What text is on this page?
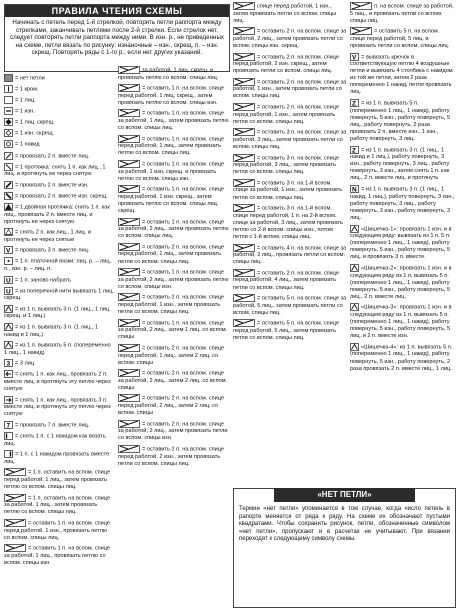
ПРАВИЛА ЧТЕНИЯ СХЕМЫ
Начинать с петель перед 1-й стрелкой, повторять петли раппорта между стрелками, заканчивать петлями после 2-й стрелки. Если стрелок нет, следует повторять петли раппорта между ними. В изн. р., не приведенных на схеме, петли вязать по рисунку: изнаночные – изн., скрещ. п. – изн. скрещ. Повторять ряды с 1-го р., если нет других указаний.
= нет петли
= 1 кром.
= 1 лиц.
= 1 изн.
= 1 лиц. скрещ.
= 1 изн. скрещ.
= 1 накид
= провязать 2 п. вместе лиц.
= 1 протяжка: снять 1 п. как лиц., 1 лиц. и протянуть ее через снятую
= провязать 2 п. вместе изн.
= провязать 2 п. вместе изн. скрещ.
= 1 двойная протяжка: снять 1 п. как лиц., провязать 2 п. вместе лиц. и протянуть ее через снятую
= снять 2 п. как лиц., 1 лиц. и протянуть ее через снятые
V = провязать 3 п. вместе лиц.
= 1 п. платочной вязки: лиц. р. – лиц. п., изн. р. – лиц. п.
U = 1 п. заново набрать
U = из поперечной нити вывязать 1 лиц. скрещ.
= из 1 п. вывязать 3 п. (1 лиц., 1 лиц. скрещ. и 1 лиц.)
= из 1 п. вывязать 3 п. (1 лиц., 1 накид и 1 лиц.)
= из 1 п. вывязать 5 п. (попеременно 1 лиц., 1 накид)
3 = 3 лиц.
= снять 1 п. как лиц., провязать 2 п. вместе лиц. и протянуть эту петлю через снятую
= снять 1 п. как лиц., провязать 3 п. вместе лиц. и протянуть эту петлю через снятую
7 = провязать 7 п. вместе лиц.
= снять 1 п. с 1 накидом как вязать лиц.
= 1 п. с 1 накидом провязать вместе лиц.
= 1 п. оставить на вспом. спице перед работой, 1 лиц., затем провязать петлю со вспом. спицы лиц.
= 1 п. оставить на вспом. спице за работой, 1 лиц., затем провязать петлю со вспом. спицы лиц.
= оставить 1 п. на вспом. спице перед работой, 1 изн., провязать петлю со вспом. спицы лиц.
= оставить 1 п. на вспом. спице за работой, 1 лиц., провязать петлю со вспом. спицы изн.
за работой, 1 лиц. скрещ. и провязать петлю со вспом. спицы лиц.
= оставить 1 п. на вспом. спице перед работой, 1 лиц. скрещ., затем провязать петлю со вспом. спицы изн.
= оставить 1 п. на вспом. спице за работой, 1 лиц., затем провязать петлю со вспом. спицы лиц.
= оставить 1 п. на вспом. спице перед работой, 1 лиц., затем провязать петлю со вспом. спицы лиц.
= оставить 1 п. на вспом. спице за работой, 1 изн. скрещ. и провязать петлю со вспом. спицы изн.
= оставить 1 п. на вспом. спице перед работой, 1 изн. скрещ., затем провязать петлю со вспом. спицы лиц. скрещ.
= оставить 1 п. на вспом. спице за работой, 2 лиц., затем провязать петлю со вспом. спицы лиц.
= оставить 2 п. на вспом. спице перед работой, 1 лиц., затем провязать петли со вспом. спицы лиц.
= оставить 1 п. на вспом. спице за работой, 2 лиц., затем провязать петлю со вспом. спицы изн.
= оставить 2 п. на вспом. спице перед работой, 1 изн., затем провязать петли со вспом. спицы лиц.
= оставить 1 п. на вспом. спице за работой, 2 лиц., затем 1 лиц. со вспом. спицы
= оставить 2 п. на вспом. спице перед работой, 1 лиц., затем 2 лиц. со вспом. спицы
= оставить 2 п. на вспом. спице за работой, 2 лиц., затем 2 лиц. со вспом. спицы
= оставить 2 п. на вспом. спице перед работой, 2 лиц., затем 2 лиц. со вспом. спицы
= оставить 2 п. на вспом. спице за работой, 2 лиц., затем провязать петли со вспом. спицы изн.
= оставить 2 п. на вспом. спице перед работой, 2 изн., затем провязать петли со вспом. спицы лиц.
спице перед работой, 1 изн., затем провязать петли со вспом. спицы лиц.
= оставить 2 п. на вспом. спице за работой, 2 лиц., затем провязать петли со вспом. спицы изн. скрещ.
= оставить 2 п. на вспом. спице перед работой, 2 изн. скрещ., затем провязать петли со вспом. спицы лиц.
= оставить 2 п. на вспом. спице за работой, 1 изн., затем провязать петли со вспом. спицы лиц.
= оставить 2 п. на вспом. спице перед работой, 1 изн., затем провязать петли со вспом. спицы лиц.
= оставить 3 п. на вспом. спице за работой, 3 лиц., затем провязать петли со вспом. спицы лиц.
= оставить 3 п. на вспом. спице перед работой, 3 лиц., затем провязать петли со вспом. спицы лиц.
= оставить 3 п. на 1-й вспом. спице за работой, 1 изн., затем провязать петли со вспом. спицы лиц.
= оставить 3 п. на 1-й вспом. спице перед работой, 1 п. на 2-й вспом. спице за работой, 3 лиц., затем провязать петлю со 2-й вспом. спицы изн., потом петли с 1-й вспом. спицы лиц.
= оставить 4 п. на вспом. спице за работой, 2 лиц., провязать петли со вспом. спицы лиц.
= оставить 2 п. на вспом. спице перед работой, 4 лиц., затем провязать петли со вспом. спицы лиц.
= оставить 5 п. на вспом. спице за работой, 5 лиц., затем провязать петли со вспом. спицы лиц.
= оставить 5 п. на вспом. спице перед работой, 5 лиц., затем провязать петли со вспом. спицы лиц.
п. на вспом. спице за работой, 5 лиц., и провязать петли со вспом. спицы лиц.
= оставить 5 п. на вспом. спице перед работой, 5 лиц. и провязать петли со вспом. спицы лиц.
V = вывязать крючок в соответствующую петлю 4 воздушные петли и вывязать 4 столбика с накидом из той же петли, затем 2 раза попеременно 1 накид, петля провязать лиц.
Z = из 1 п. вывязать 5 п. (попеременно 1 лиц., 1 накид), работу повернуть, 5 изн., работу повернуть, 5 лиц., работу повернуть, 2 раза провязать 2 п. вместе изн., 1 изн., работу повернуть, 3 лиц.
Z = из 1 п. вывязать 3 п. (1 лиц., 1 накид и 1 лиц.), работу повернуть, 3 изн., работу повернуть, 3 лиц., работу повернуть, 3 изн., затем снять 1 п. как лиц., 2 п. вместе лиц. и протянуть
N = из 1 п. вывязать 3 п. (1 лиц., 1 накид, 1 лиц.), работу повернуть, 3 изн., работу повернуть, 3 лиц., работу повернуть, 3 изн., работу повернуть, 3 лиц.
«Шишечка-1»: провязать 1 изн. и в следующем ряду: вывязать из 1 п. 5 п. (попеременно 1 лиц., 1 накид), работу повернуть, 5 изн., работу повернуть, 5 лиц. и провязать 3 п. вместе.
«Шишечка-2»: провязать 1 изн. и в следующем ряду из 1 п. вывязать 5 п. (попеременно 1 лиц., 1 накид), работу повернуть, 5 изн., работу повернуть, 5 лиц., 2 п. вместе лиц.
«Шишечка-3»: провязать 1 изн. и в следующем ряду из 1 п. вывязать 5 п. (попеременно 1 лиц., 1 накид), работу повернуть, 5 изн., работу повернуть, 5 лиц. и 2 п. вместе изн.
«Шишечка-4»: из 1 п. вывязать 5 п. (попеременно 1 лиц., 1 накид), работу повернуть, 5 изн., работу повернуть, 2 раза провязать 2 п. вместе лиц., 1 лиц.
«НЕТ ПЕТЛИ»
Термин «нет петли» упоминается в том случае, когда число петель в рапорте меняется от ряда к ряду. На схеме их обозначают пустыми квадратами. Чтобы сохранить рисунок, петли, обозначенные символом «нет петли», пропускают и в расчетах не учитывают. При вязании переходят к следующему символу схемы.
